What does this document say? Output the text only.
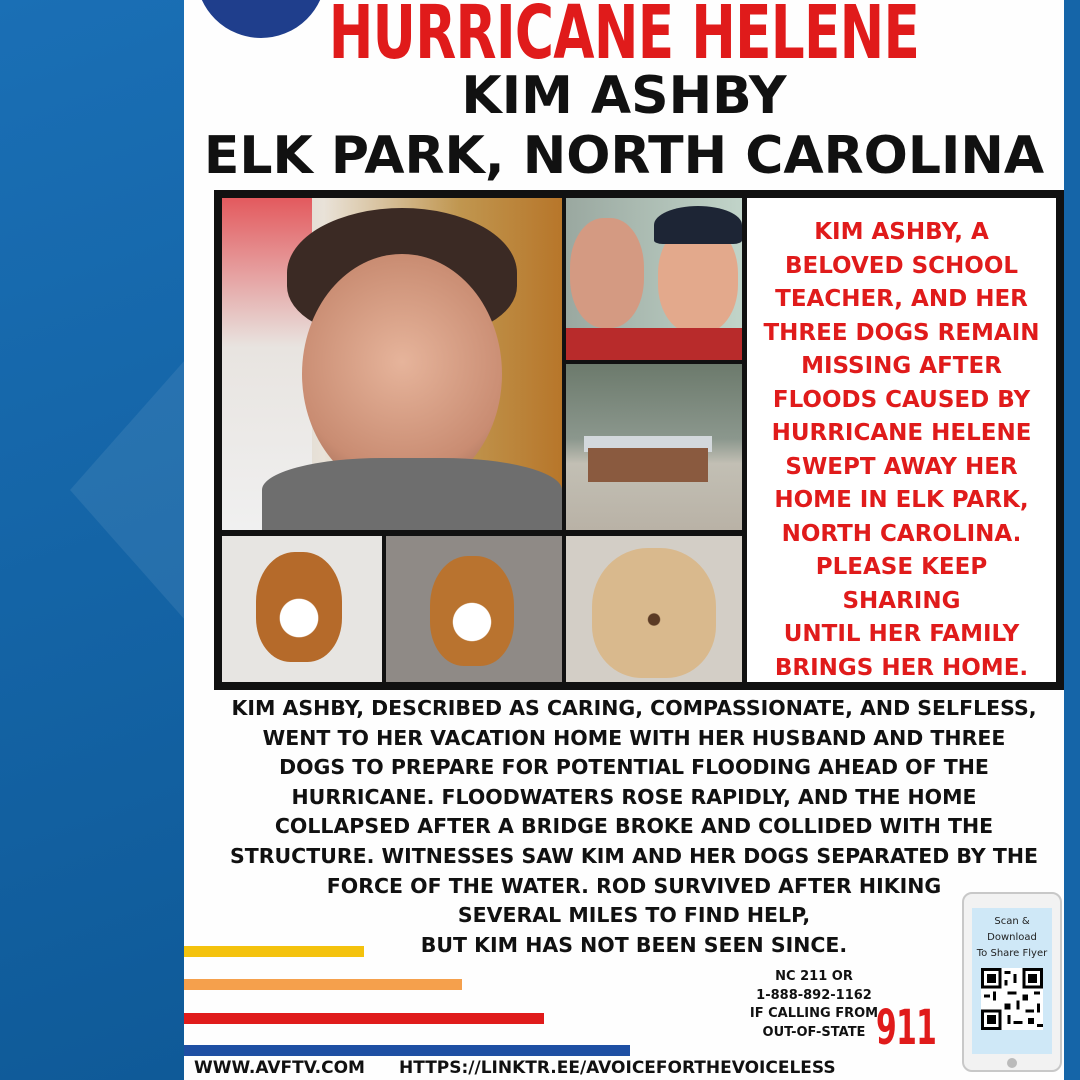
HURRICANE HELENE
KIM ASHBY
ELK PARK, NORTH CAROLINA

KIM ASHBY, A
BELOVED SCHOOL
TEACHER, AND HER
THREE DOGS REMAIN
MISSING AFTER
FLOODS CAUSED BY
HURRICANE HELENE
SWEPT AWAY HER
HOME IN ELK PARK,
NORTH CAROLINA.
PLEASE KEEP SHARING
UNTIL HER FAMILY
BRINGS HER HOME.

KIM ASHBY, DESCRIBED AS CARING, COMPASSIONATE, AND SELFLESS,
WENT TO HER VACATION HOME WITH HER HUSBAND AND THREE
DOGS TO PREPARE FOR POTENTIAL FLOODING AHEAD OF THE
HURRICANE. FLOODWATERS ROSE RAPIDLY, AND THE HOME
COLLAPSED AFTER A BRIDGE BROKE AND COLLIDED WITH THE
STRUCTURE. WITNESSES SAW KIM AND HER DOGS SEPARATED BY THE
FORCE OF THE WATER. ROD SURVIVED AFTER HIKING
SEVERAL MILES TO FIND HELP,
BUT KIM HAS NOT BEEN SEEN SINCE.

NC 211 OR
1-888-892-1162
IF CALLING FROM
OUT-OF-STATE 911
WWW.AVFTV.COM HTTPS://LINKTR.EE/AVOICEFORTHEVOICELESS
Scan &
Download
To Share Flyer
